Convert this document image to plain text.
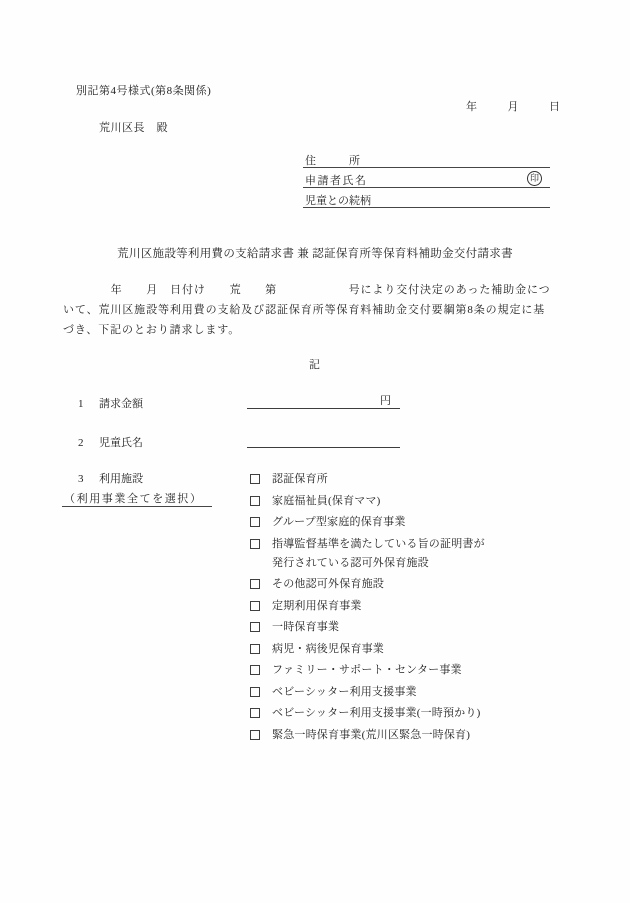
別記第4号様式(第8条関係)
年	月	日
荒川区長　殿
住　　　所
申請者氏名	印
児童との続柄
荒川区施設等利用費の支給請求書 兼 認証保育所等保育料補助金交付請求書
　　　　年　　月　日付け　　荒　　第　　　　　　号により交付決定のあった補助金につ
いて、荒川区施設等利用費の支給及び認証保育所等保育料補助金交付要綱第8条の規定に基
づき、下記のとおり請求します。
記
1 請求金額	円
2 児童氏名
3 利用施設
（利用事業全てを選択）
認証保育所
家庭福祉員(保育ママ)
グループ型家庭的保育事業
指導監督基準を満たしている旨の証明書が発行されている認可外保育施設
その他認可外保育施設
定期利用保育事業
一時保育事業
病児・病後児保育事業
ファミリー・サポート・センター事業
ベビーシッター利用支援事業
ベビーシッター利用支援事業(一時預かり)
緊急一時保育事業(荒川区緊急一時保育)
